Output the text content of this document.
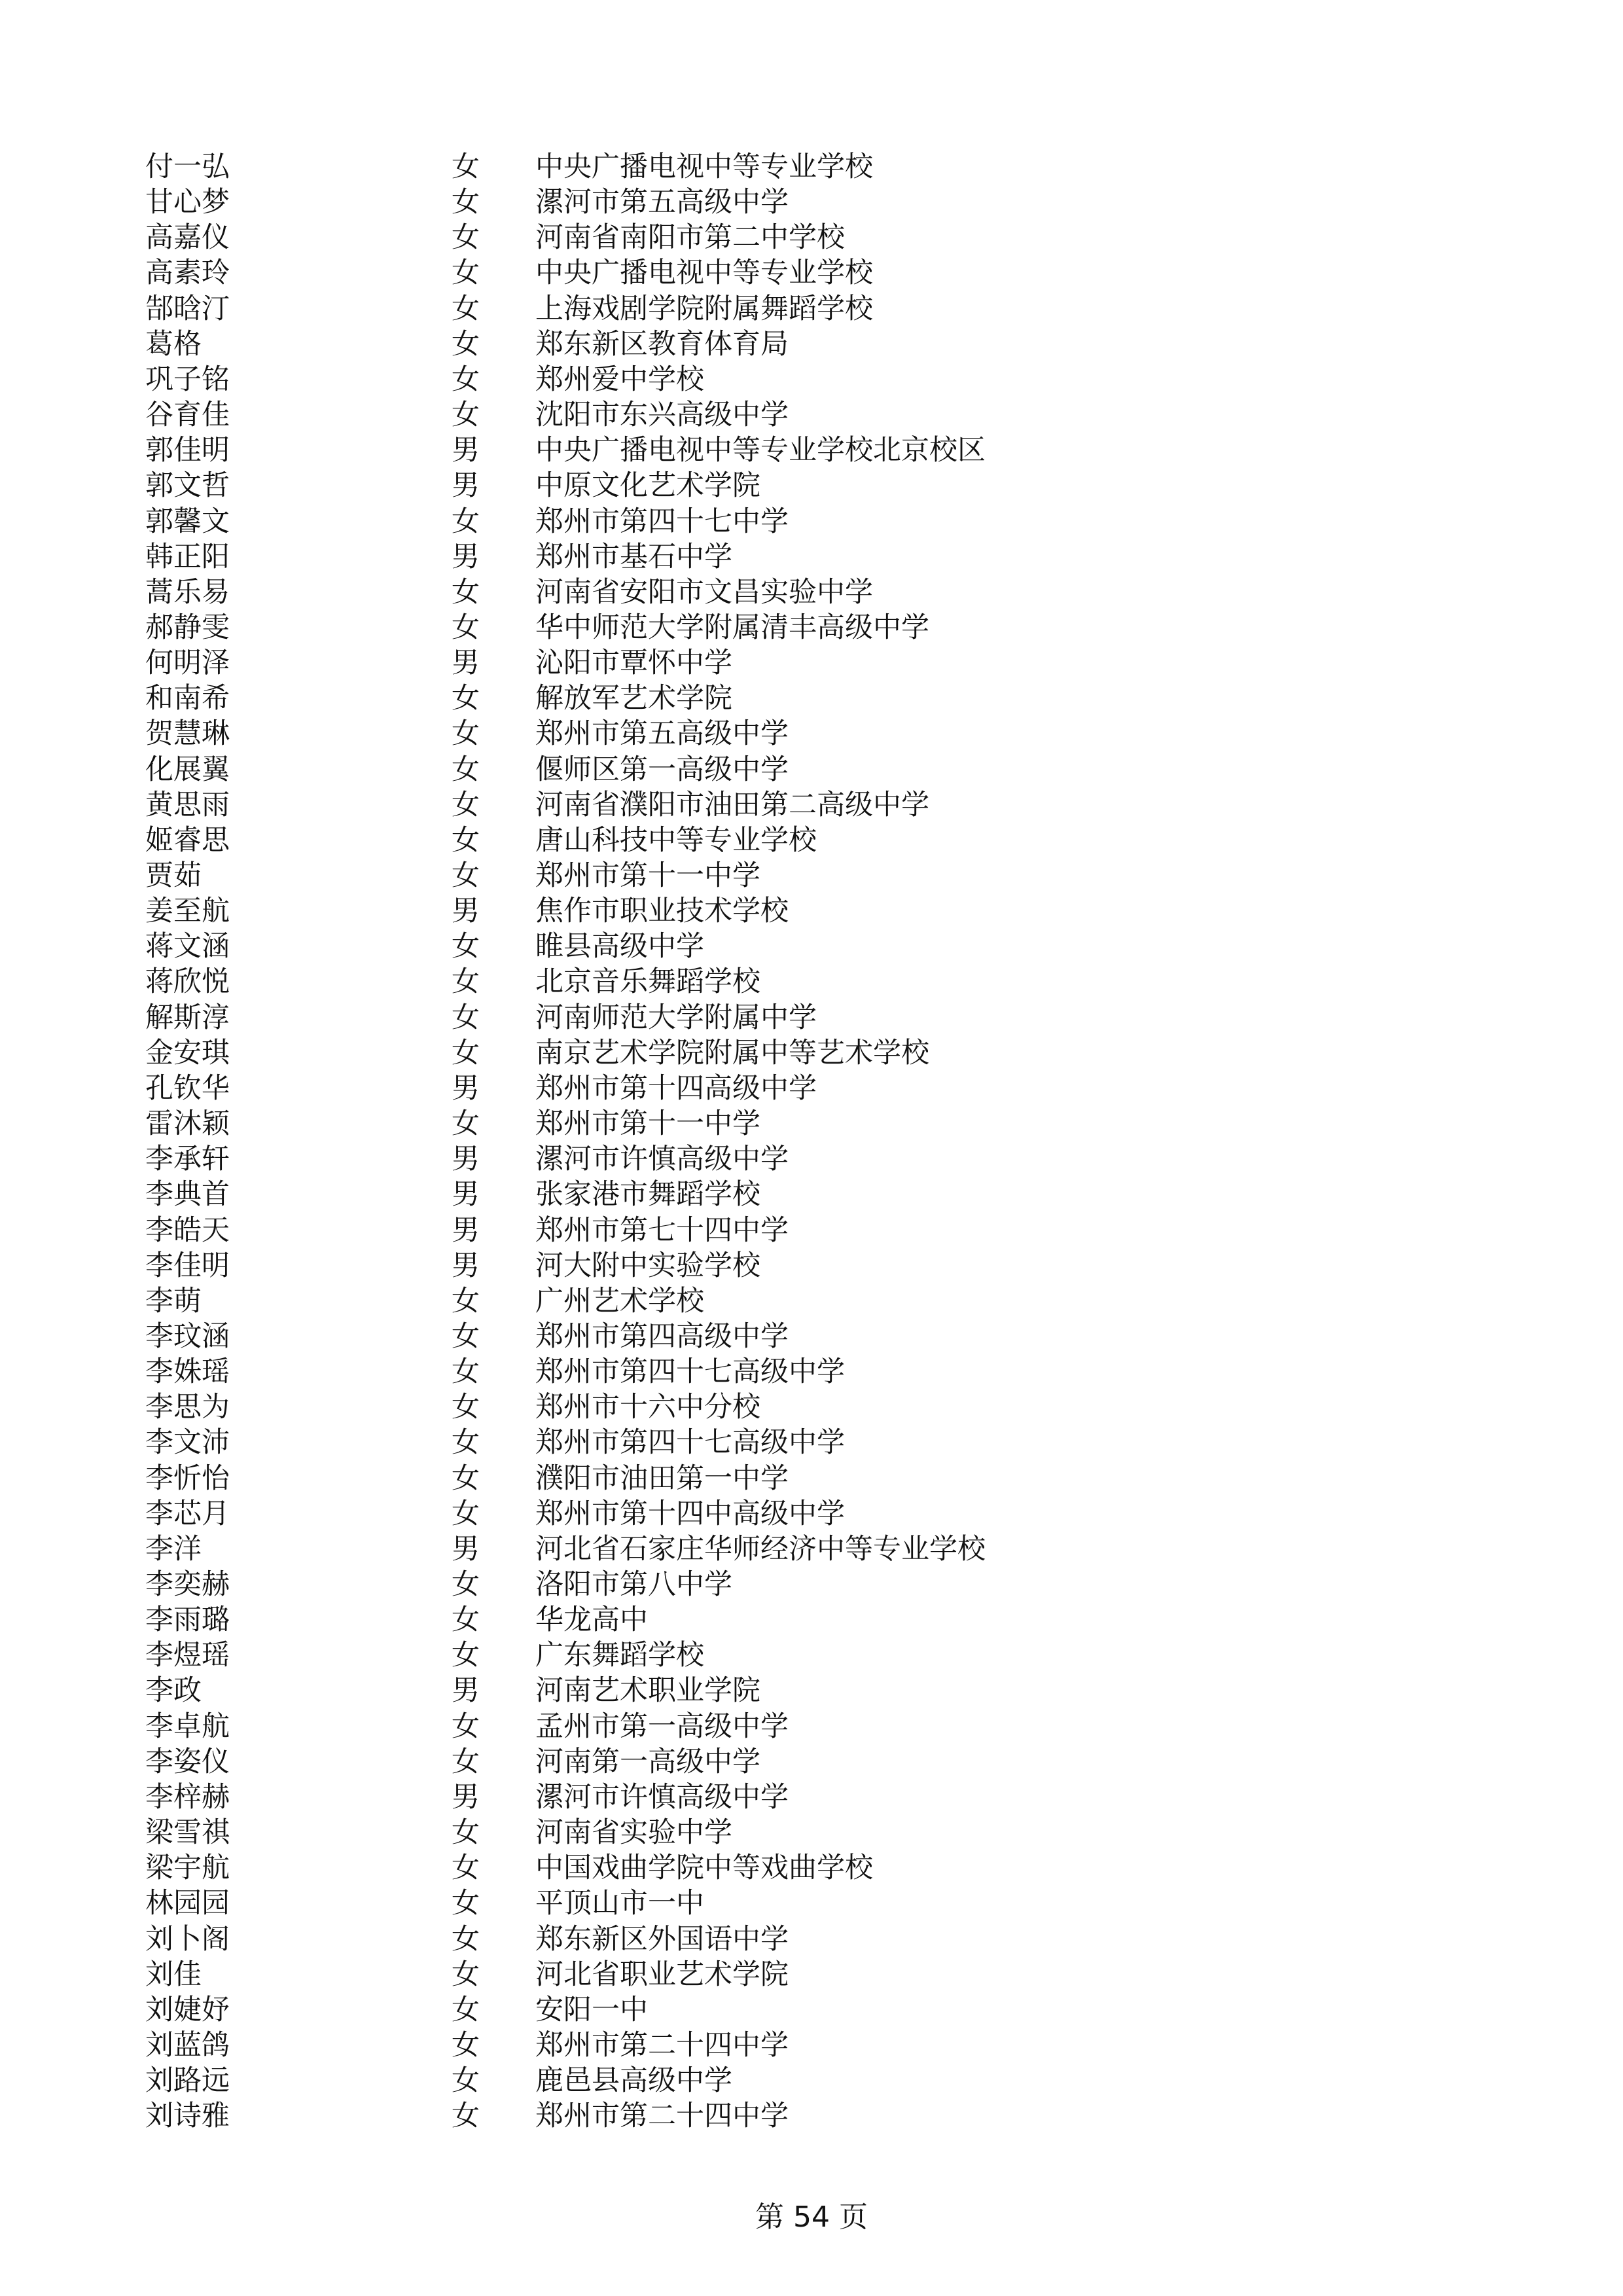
付一弘	女 中央广播电视中等专业学校
甘心梦	女 漯河市第五高级中学
高嘉仪	女 河南省南阳市第二中学校
高素玲	女 中央广播电视中等专业学校
郜晗汀	女 上海戏剧学院附属舞蹈学校
葛格	女 郑东新区教育体育局
巩子铭	女 郑州爱中学校
谷育佳	女 沈阳市东兴高级中学
郭佳明	男 中央广播电视中等专业学校北京校区
郭文哲	男 中原文化艺术学院
郭馨文	女 郑州市第四十七中学
韩正阳	男 郑州市基石中学
蒿乐易	女 河南省安阳市文昌实验中学
郝静雯	女 华中师范大学附属清丰高级中学
何明泽	男 沁阳市覃怀中学
和南希	女 解放军艺术学院
贺慧琳	女 郑州市第五高级中学
化展翼	女 偃师区第一高级中学
黄思雨	女 河南省濮阳市油田第二高级中学
姬睿思	女 唐山科技中等专业学校
贾茹	女 郑州市第十一中学
姜至航	男 焦作市职业技术学校
蒋文涵	女 睢县高级中学
蒋欣悦	女 北京音乐舞蹈学校
解斯淳	女 河南师范大学附属中学
金安琪	女 南京艺术学院附属中等艺术学校
孔钦华	男 郑州市第十四高级中学
雷沐颖	女 郑州市第十一中学
李承轩	男 漯河市许慎高级中学
李典首	男 张家港市舞蹈学校
李皓天	男 郑州市第七十四中学
李佳明	男 河大附中实验学校
李萌	女 广州艺术学校
李玟涵	女 郑州市第四高级中学
李姝瑶	女 郑州市第四十七高级中学
李思为	女 郑州市十六中分校
李文沛	女 郑州市第四十七高级中学
李忻怡	女 濮阳市油田第一中学
李芯月	女 郑州市第十四中高级中学
李洋	男 河北省石家庄华师经济中等专业学校
李奕赫	女 洛阳市第八中学
李雨璐	女 华龙高中
李煜瑶	女 广东舞蹈学校
李政	男 河南艺术职业学院
李卓航	女 孟州市第一高级中学
李姿仪	女 河南第一高级中学
李梓赫	男 漯河市许慎高级中学
梁雪祺	女 河南省实验中学
梁宇航	女 中国戏曲学院中等戏曲学校
林园园	女 平顶山市一中
刘卜阁	女 郑东新区外国语中学
刘佳	女 河北省职业艺术学院
刘婕妤	女 安阳一中
刘蓝鸽	女 郑州市第二十四中学
刘路远	女 鹿邑县高级中学
刘诗雅	女 郑州市第二十四中学
第 54 页
